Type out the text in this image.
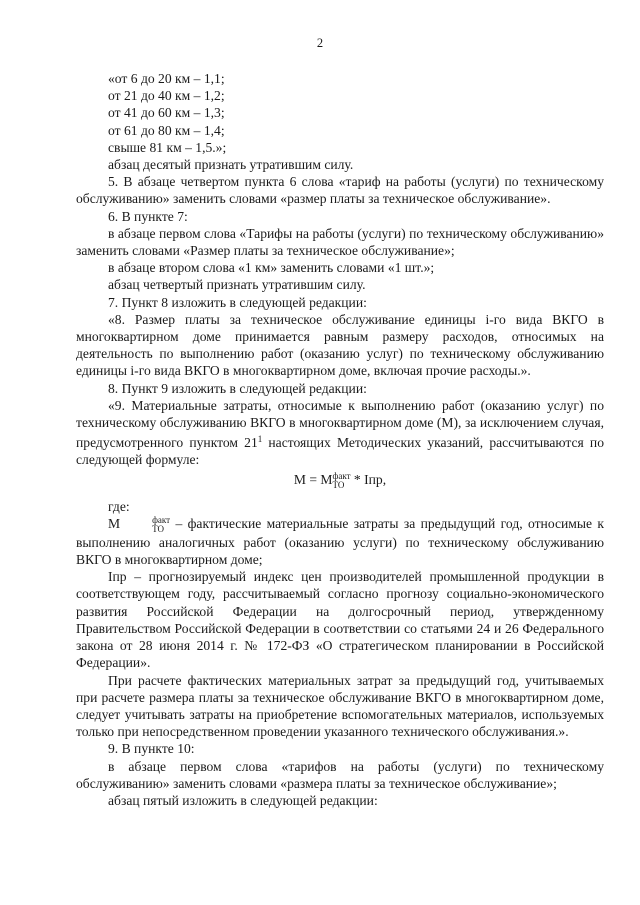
2

«от 6 до 20 км – 1,1;

от 21 до 40 км – 1,2;

от 41 до 60 км – 1,3;

от 61 до 80 км – 1,4;

свыше 81 км – 1,5.»;

абзац десятый признать утратившим силу.

5. В абзаце четвертом пункта 6 слова «тариф на работы (услуги) по техническому обслуживанию» заменить словами «размер платы за техническое обслуживание».

6. В пункте 7:

в абзаце первом слова «Тарифы на работы (услуги) по техническому обслуживанию» заменить словами «Размер платы за техническое обслуживание»;

в абзаце втором слова «1 км» заменить словами «1 шт.»;

абзац четвертый признать утратившим силу.

7. Пункт 8 изложить в следующей редакции:

«8. Размер платы за техническое обслуживание единицы i-го вида ВКГО в многоквартирном доме принимается равным размеру расходов, относимых на деятельность по выполнению работ (оказанию услуг) по техническому обслуживанию единицы i-го вида ВКГО в многоквартирном доме, включая прочие расходы.».

8. Пункт 9 изложить в следующей редакции:

«9. Материальные затраты, относимые к выполнению работ (оказанию услуг) по техническому обслуживанию ВКГО в многоквартирном доме (М), за исключением случая, предусмотренного пунктом $21^1$ настоящих Методических указаний, рассчитываются по следующей формуле:

М = М факт
ТО * Iпр,

где:

М	факт
ТО – фактические материальные затраты за предыдущий год, относимые к выполнению аналогичных работ (оказанию услуги) по техническому обслуживанию ВКГО в многоквартирном доме;

Iпр – прогнозируемый индекс цен производителей промышленной продукции в соответствующем году, рассчитываемый согласно прогнозу социально-экономического развития Российской Федерации на долгосрочный период, утвержденному Правительством Российской Федерации в соответствии со статьями 24 и 26 Федерального закона от 28 июня 2014 г. № 172-ФЗ «О стратегическом планировании в Российской Федерации».

При расчете фактических материальных затрат за предыдущий год, учитываемых при расчете размера платы за техническое обслуживание ВКГО в многоквартирном доме, следует учитывать затраты на приобретение вспомогательных материалов, используемых только при непосредственном проведении указанного технического обслуживания.».

9. В пункте 10:

в абзаце первом слова «тарифов на работы (услуги) по техническому обслуживанию» заменить словами «размера платы за техническое обслуживание»;

абзац пятый изложить в следующей редакции:
